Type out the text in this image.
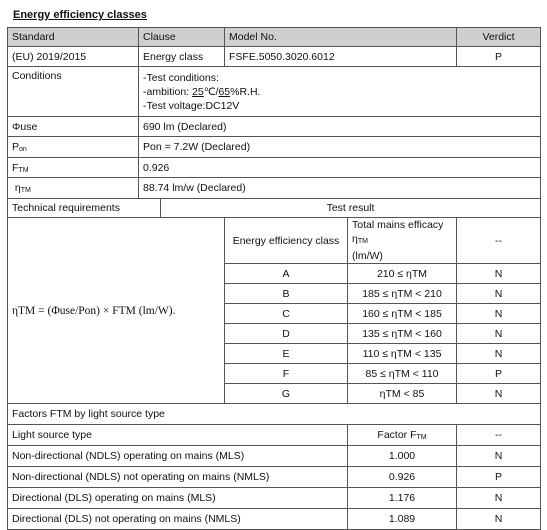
Energy efficiency classes
Standard	Clause		Model No.		Verdict
(EU) 2019/2015	Energy class		FSFE.5050.3020.6012		P
Conditions	-Test conditions:
-ambition: 25℃/65%R.H.
-Test voltage:DC12V				

Φuse	690 lm (Declared)				
$P_{on}$	Pon = 7.2W (Declared)				
$F_{TM}$	0.926				
$\eta_{TM}$	88.74 lm/w (Declared)				
Technical requirements		Test result			
ηTM = (Φuse/Pon) × FTM (lm/W).			Energy efficiency class	Total mains efficacy $\eta_{TM}$
(lm/W)	--
			A	210 ≤ ηTM	N
			B	185 ≤ ηTM < 210	N
			C	160 ≤ ηTM < 185	N
			D	135 ≤ ηTM < 160	N
			E	110 ≤ ηTM < 135	N
			F	85 ≤ ηTM < 110	P
			G	ηTM < 85	N
Factors FTM by light source type					
Light source type				Factor $F_{TM}$	--
Non-directional (NDLS) operating on mains (MLS)				1.000	N
Non-directional (NDLS) not operating on mains (NMLS)				0.926	P
Directional (DLS) operating on mains (MLS)				1.176	N
Directional (DLS) not operating on mains (NMLS)				1.089	N
